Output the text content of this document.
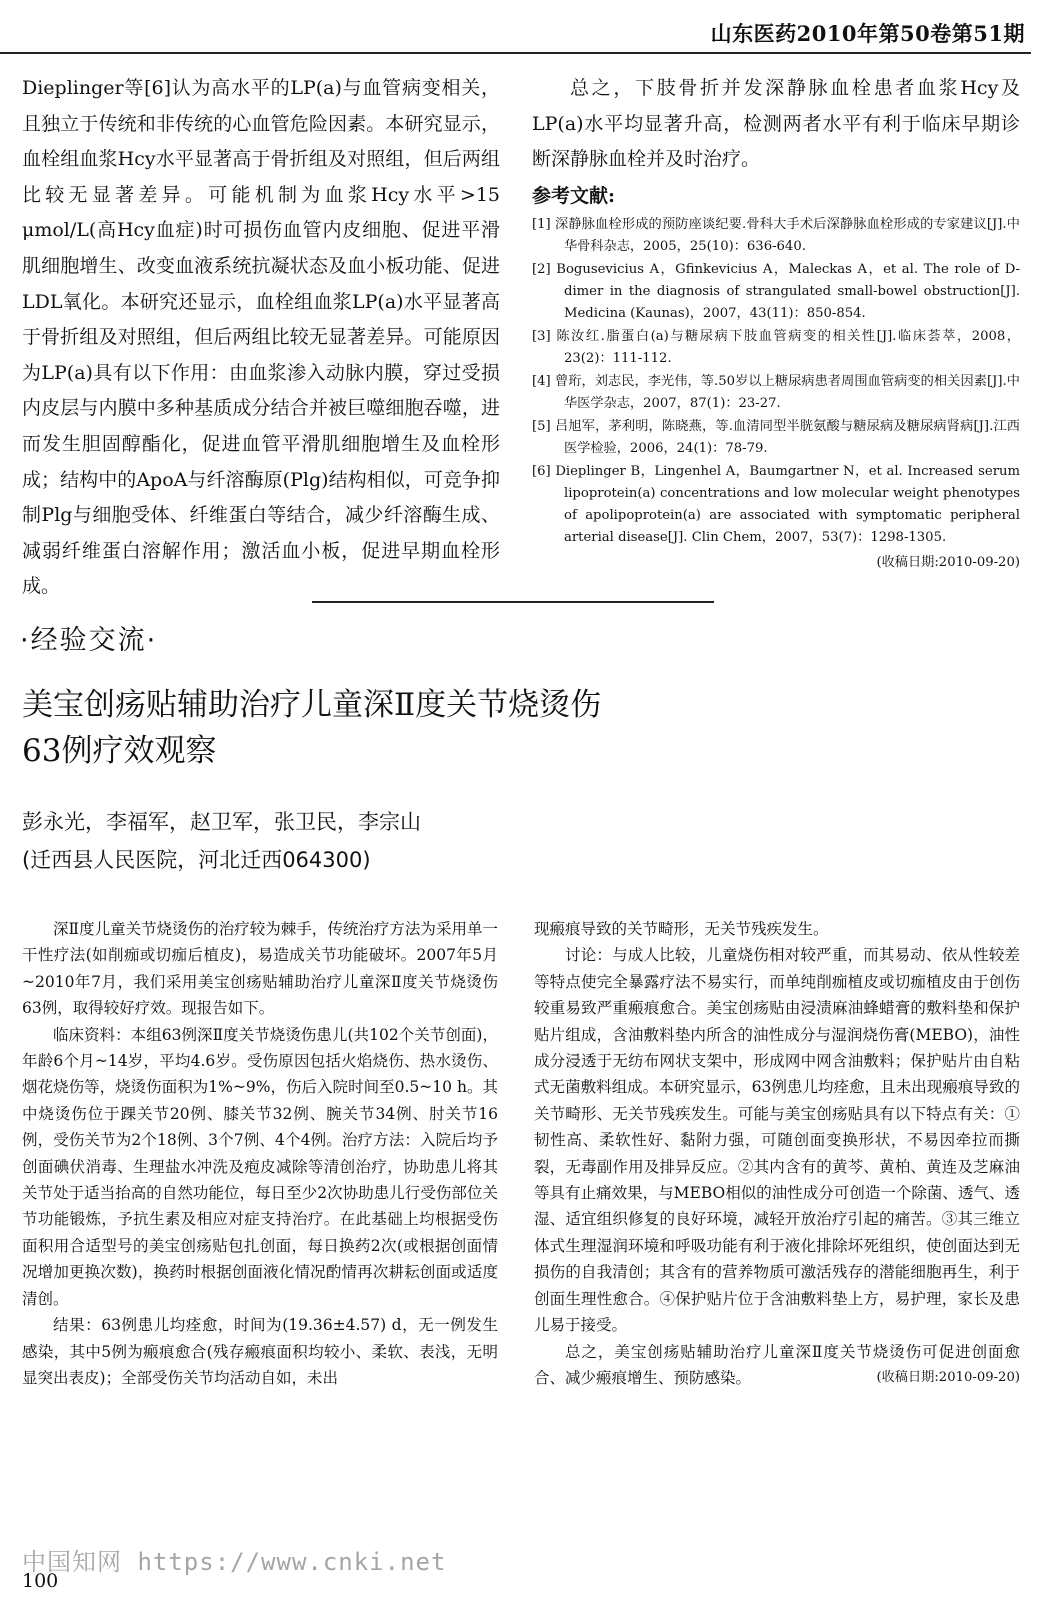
山东医药2010年第50卷第51期

Dieplinger等[6]认为高水平的LP(a)与血管病变相关，且独立于传统和非传统的心血管危险因素。本研究显示，血栓组血浆Hcy水平显著高于骨折组及对照组，但后两组比较无显著差异。可能机制为血浆Hcy水平>15 μmol/L(高Hcy血症)时可损伤血管内皮细胞、促进平滑肌细胞增生、改变血液系统抗凝状态及血小板功能、促进LDL氧化。本研究还显示，血栓组血浆LP(a)水平显著高于骨折组及对照组，但后两组比较无显著差异。可能原因为LP(a)具有以下作用：由血浆渗入动脉内膜，穿过受损内皮层与内膜中多种基质成分结合并被巨噬细胞吞噬，进而发生胆固醇酯化，促进血管平滑肌细胞增生及血栓形成；结构中的ApoA与纤溶酶原(Plg)结构相似，可竞争抑制Plg与细胞受体、纤维蛋白等结合，减少纤溶酶生成、减弱纤维蛋白溶解作用；激活血小板，促进早期血栓形成。

总之，下肢骨折并发深静脉血栓患者血浆Hcy及LP(a)水平均显著升高，检测两者水平有利于临床早期诊断深静脉血栓并及时治疗。

参考文献:

[1] 深静脉血栓形成的预防座谈纪要.骨科大手术后深静脉血栓形成的专家建议[J].中华骨科杂志，2005，25(10)：636-640.

[2] Bogusevicius A，Gfinkevicius A，Maleckas A，et al. The role of D-dimer in the diagnosis of strangulated small-bowel obstruction[J]. Medicina (Kaunas)，2007，43(11)：850-854.

[3] 陈汝红.脂蛋白(a)与糖尿病下肢血管病变的相关性[J].临床荟萃，2008，23(2)：111-112.

[4] 曾珩，刘志民，李光伟，等.50岁以上糖尿病患者周围血管病变的相关因素[J].中华医学杂志，2007，87(1)：23-27.

[5] 吕旭军，茅利明，陈晓燕，等.血清同型半胱氨酸与糖尿病及糖尿病肾病[J].江西医学检验，2006，24(1)：78-79.

[6] Dieplinger B，Lingenhel A，Baumgartner N，et al. Increased serum lipoprotein(a) concentrations and low molecular weight phenotypes of apolipoprotein(a) are associated with symptomatic peripheral arterial disease[J]. Clin Chem，2007，53(7)：1298-1305.

(收稿日期:2010-09-20)

·经验交流·
美宝创疡贴辅助治疗儿童深Ⅱ度关节烧烫伤
63例疗效观察

彭永光，李福军，赵卫军，张卫民，李宗山

(迁西县人民医院，河北迁西064300)

深Ⅱ度儿童关节烧烫伤的治疗较为棘手，传统治疗方法为采用单一干性疗法(如削痂或切痂后植皮)，易造成关节功能破坏。2007年5月~2010年7月，我们采用美宝创疡贴辅助治疗儿童深Ⅱ度关节烧烫伤63例，取得较好疗效。现报告如下。

临床资料：本组63例深Ⅱ度关节烧烫伤患儿(共102个关节创面)，年龄6个月~14岁，平均4.6岁。受伤原因包括火焰烧伤、热水烫伤、烟花烧伤等，烧烫伤面积为1%~9%，伤后入院时间至0.5~10 h。其中烧烫伤位于踝关节20例、膝关节32例、腕关节34例、肘关节16例，受伤关节为2个18例、3个7例、4个4例。治疗方法：入院后均予创面碘伏消毒、生理盐水冲洗及疱皮减除等清创治疗，协助患儿将其关节处于适当抬高的自然功能位，每日至少2次协助患儿行受伤部位关节功能锻炼，予抗生素及相应对症支持治疗。在此基础上均根据受伤面积用合适型号的美宝创疡贴包扎创面，每日换药2次(或根据创面情况增加更换次数)，换药时根据创面液化情况酌情再次耕耘创面或适度清创。

结果：63例患儿均痊愈，时间为(19.36±4.57) d，无一例发生感染，其中5例为瘢痕愈合(残存瘢痕面积均较小、柔软、表浅，无明显突出表皮)；全部受伤关节均活动自如，未出

现瘢痕导致的关节畸形，无关节残疾发生。

讨论：与成人比较，儿童烧伤相对较严重，而其易动、依从性较差等特点使完全暴露疗法不易实行，而单纯削痂植皮或切痂植皮由于创伤较重易致严重瘢痕愈合。美宝创疡贴由浸渍麻油蜂蜡膏的敷料垫和保护贴片组成，含油敷料垫内所含的油性成分与湿润烧伤膏(MEBO)，油性成分浸透于无纺布网状支架中，形成网中网含油敷料；保护贴片由自粘式无菌敷料组成。本研究显示，63例患儿均痊愈，且未出现瘢痕导致的关节畸形、无关节残疾发生。可能与美宝创疡贴具有以下特点有关：①韧性高、柔软性好、黏附力强，可随创面变换形状，不易因牵拉而撕裂，无毒副作用及排异反应。②其内含有的黄芩、黄柏、黄连及芝麻油等具有止痛效果，与MEBO相似的油性成分可创造一个除菌、透气、透湿、适宜组织修复的良好环境，减轻开放治疗引起的痛苦。③其三维立体式生理湿润环境和呼吸功能有利于液化排除坏死组织，使创面达到无损伤的自我清创；其含有的营养物质可激活残存的潜能细胞再生，利于创面生理性愈合。④保护贴片位于含油敷料垫上方，易护理，家长及患儿易于接受。

总之，美宝创疡贴辅助治疗儿童深Ⅱ度关节烧烫伤可促进创面愈合、减少瘢痕增生、预防感染。	(收稿日期:2010-09-20)

中国知网 https://www.cnki.net
100
